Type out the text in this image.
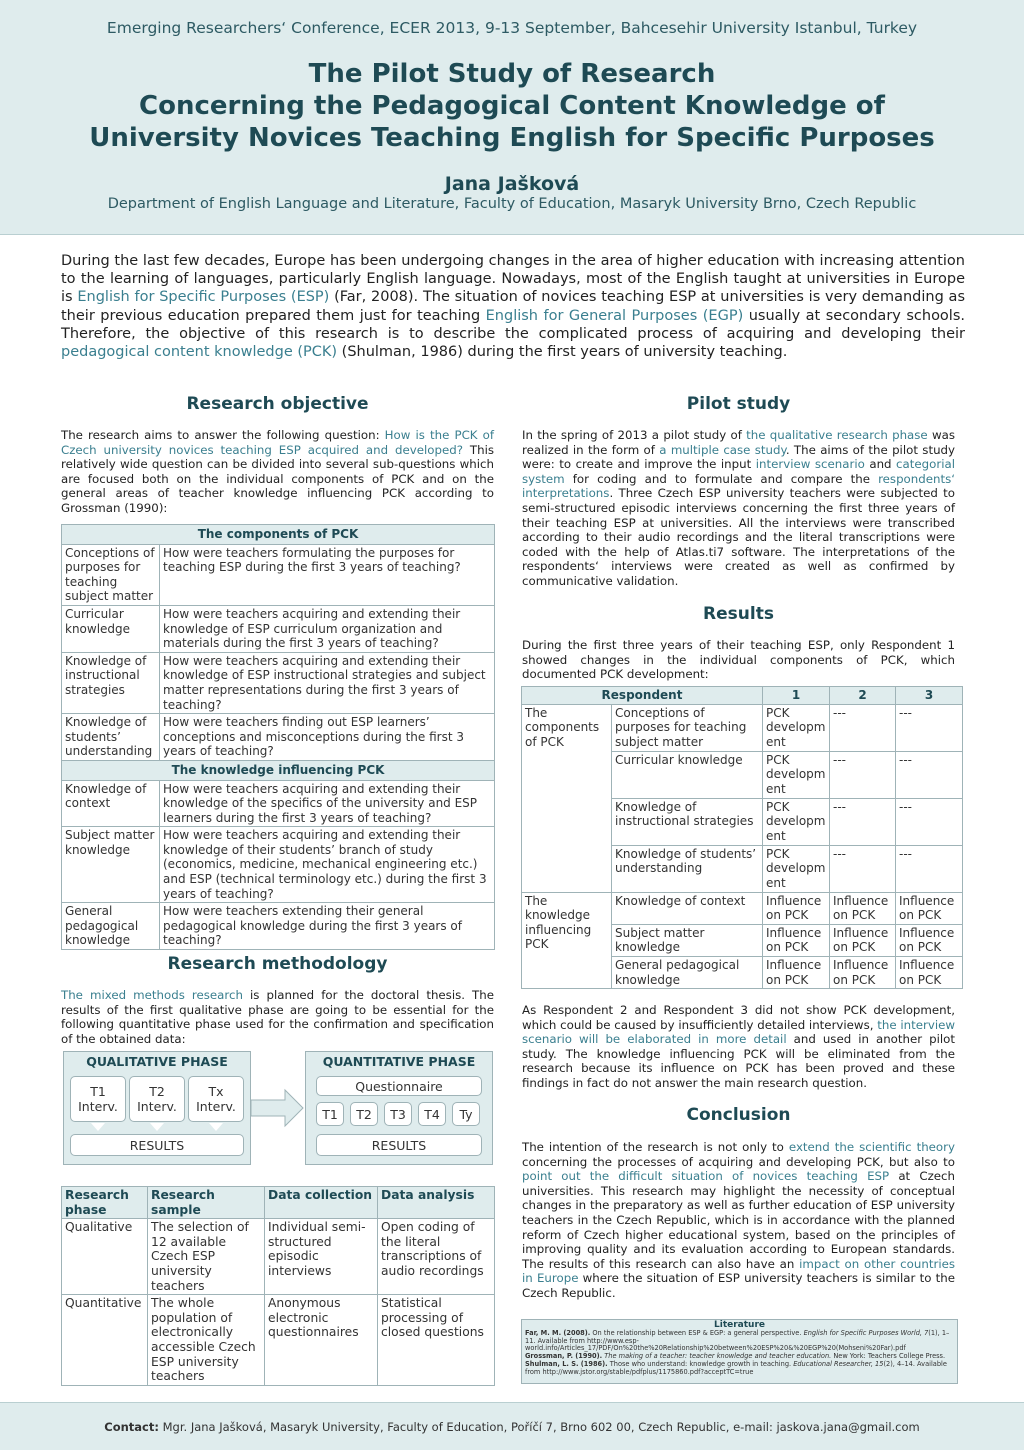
Emerging Researchers‘ Conference, ECER 2013, 9-13 September, Bahcesehir University Istanbul, Turkey
The Pilot Study of Research
Concerning the Pedagogical Content Knowledge of
University Novices Teaching English for Specific Purposes
Jana Jašková
Department of English Language and Literature, Faculty of Education, Masaryk University Brno, Czech Republic
During the last few decades, Europe has been undergoing changes in the area of higher education with increasing attention to the learning of languages, particularly English language. Nowadays, most of the English taught at universities in Europe is English for Specific Purposes (ESP) (Far, 2008). The situation of novices teaching ESP at universities is very demanding as their previous education prepared them just for teaching English for General Purposes (EGP) usually at secondary schools. Therefore, the objective of this research is to describe the complicated process of acquiring and developing their pedagogical content knowledge (PCK) (Shulman, 1986) during the first years of university teaching.
Research objective
The research aims to answer the following question: How is the PCK of Czech university novices teaching ESP acquired and developed? This relatively wide question can be divided into several sub-questions which are focused both on the individual components of PCK and on the general areas of teacher knowledge influencing PCK according to Grossman (1990):
The components of PCK	
Conceptions of purposes for teaching subject matter	How were teachers formulating the purposes for teaching ESP during the first 3 years of teaching?
Curricular knowledge	How were teachers acquiring and extending their knowledge of ESP curriculum organization and materials during the first 3 years of teaching?
Knowledge of instructional strategies	How were teachers acquiring and extending their knowledge of ESP instructional strategies and subject matter representations during the first 3 years of teaching?
Knowledge of students’ understanding	How were teachers finding out ESP learners’ conceptions and misconceptions during the first 3 years of teaching?
The knowledge influencing PCK	
Knowledge of context	How were teachers acquiring and extending their knowledge of the specifics of the university and ESP learners during the first 3 years of teaching?
Subject matter knowledge	How were teachers acquiring and extending their knowledge of their students’ branch of study (economics, medicine, mechanical engineering etc.) and ESP (technical terminology etc.) during the first 3 years of teaching?
General pedagogical knowledge	How were teachers extending their general pedagogical knowledge during the first 3 years of teaching?
Research methodology
The mixed methods research is planned for the doctoral thesis. The results of the first qualitative phase are going to be essential for the following quantitative phase used for the confirmation and specification of the obtained data:
QUALITATIVE PHASE
T1
Interv.
T2
Interv.
Tx
Interv.
RESULTS
QUANTITATIVE PHASE
Questionnaire
T1	T2	T3	T4	Ty
RESULTS
Research phase	Research sample	Data collection	Data analysis
Qualitative	The selection of 12 available Czech ESP university teachers	Individual semi-structured episodic interviews	Open coding of the literal transcriptions of audio recordings
Quantitative	The whole population of electronically accessible Czech ESP university teachers	Anonymous electronic questionnaires	Statistical processing of closed questions
Pilot study
In the spring of 2013 a pilot study of the qualitative research phase was realized in the form of a multiple case study. The aims of the pilot study were: to create and improve the input interview scenario and categorial system for coding and to formulate and compare the respondents‘ interpretations. Three Czech ESP university teachers were subjected to semi-structured episodic interviews concerning the first three years of their teaching ESP at universities. All the interviews were transcribed according to their audio recordings and the literal transcriptions were coded with the help of Atlas.ti7 software. The interpretations of the respondents‘ interviews were created as well as confirmed by communicative validation.
Results
During the first three years of their teaching ESP, only Respondent 1 showed changes in the individual components of PCK, which documented PCK development:
Respondent		1	2	3
The components of PCK	Conceptions of purposes for teaching subject matter	PCK developm ent	---	---
	Curricular knowledge	PCK developm ent	---	---
	Knowledge of instructional strategies	PCK developm ent	---	---
	Knowledge of students’ understanding	PCK developm ent	---	---
The knowledge influencing PCK	Knowledge of context	Influence on PCK	Influence on PCK	Influence on PCK
	Subject matter knowledge	Influence on PCK	Influence on PCK	Influence on PCK
	General pedagogical knowledge	Influence on PCK	Influence on PCK	Influence on PCK
As Respondent 2 and Respondent 3 did not show PCK development, which could be caused by insufficiently detailed interviews, the interview scenario will be elaborated in more detail and used in another pilot study. The knowledge influencing PCK will be eliminated from the research because its influence on PCK has been proved and these findings in fact do not answer the main research question.
Conclusion
The intention of the research is not only to extend the scientific theory concerning the processes of acquiring and developing PCK, but also to point out the difficult situation of novices teaching ESP at Czech universities. This research may highlight the necessity of conceptual changes in the preparatory as well as further education of ESP university teachers in the Czech Republic, which is in accordance with the planned reform of Czech higher educational system, based on the principles of improving quality and its evaluation according to European standards. The results of this research can also have an impact on other countries in Europe where the situation of ESP university teachers is similar to the Czech Republic.
Literature
Far, M. M. (2008). On the relationship between ESP & EGP: a general perspective. English for Specific Purposes World, 7(1), 1–11. Available from http://www.esp-world.info/Articles_17/PDF/On%20the%20Relationship%20between%20ESP%20&%20EGP%20(Mohseni%20Far).pdf
Grossman, P. (1990). The making of a teacher: teacher knowledge and teacher education. New York: Teachers College Press.
Shulman, L. S. (1986). Those who understand: knowledge growth in teaching. Educational Researcher, 15(2), 4–14. Available from http://www.jstor.org/stable/pdfplus/1175860.pdf?acceptTC=true
Contact: Mgr. Jana Jašková, Masaryk University, Faculty of Education, Poříčí 7, Brno 602 00, Czech Republic, e-mail: jaskova.jana@gmail.com
